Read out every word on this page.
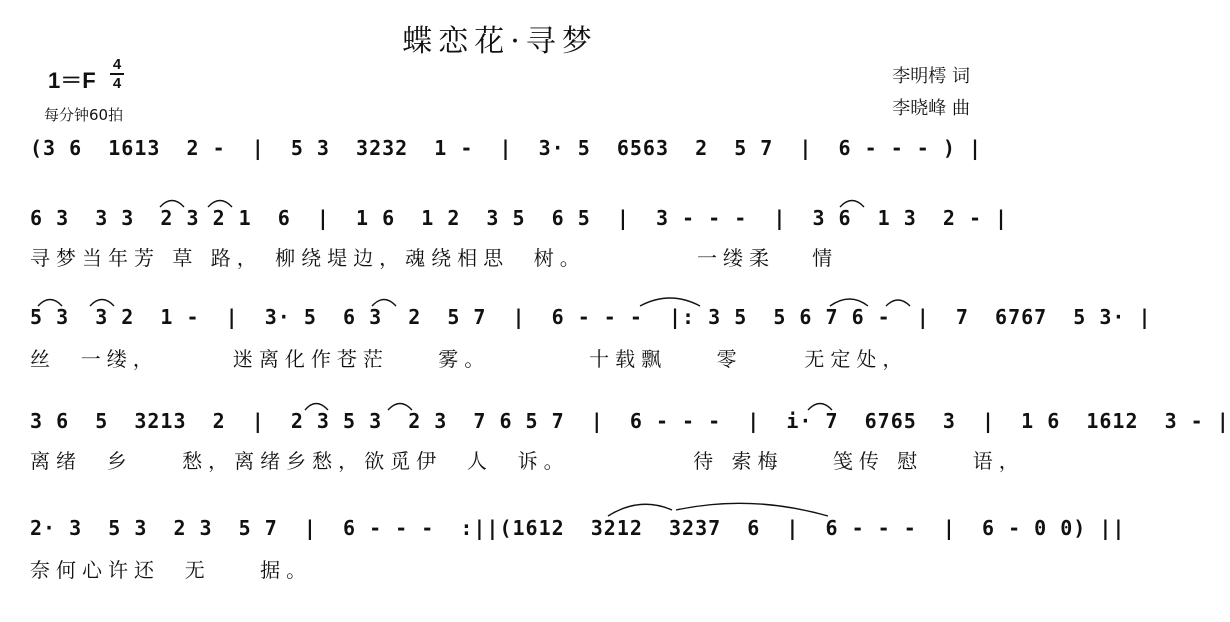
蝶恋花·寻梦
李明樗 词
李晓峰 曲
1＝F
4
4
每分钟60拍
(3 6  1613  2 -  |  5 3  3232  1 -  |  3· 5  6563  2  5 7  |  6 - - - ) |
6 3  3 3  2 3 2 1  6  |  1 6  1 2  3 5  6 5  |  3 - - -  |  3 6  1 3  2 - |
寻梦当年芳 草 路， 柳绕堤边，魂绕相思  树。         一缕柔   情
5 3  3 2  1 -  |  3· 5  6 3  2  5 7  |  6 - - -  |: 3 5  5 6 7 6 -  |  7  6767  5 3· |
丝  一缕，      迷离化作苍茫    雾。        十载飘    零     无定处，
3 6  5  3213  2  |  2 3 5 3  2 3  7 6 5 7  |  6 - - -  |  i· 7  6765  3  |  1 6  1612  3 - |
离绪  乡    愁，离绪乡愁，欲觅伊  人  诉。          待 索梅    笺传 慰    语，
2· 3  5 3  2 3  5 7  |  6 - - -  :||(1612  3212  3237  6  |  6 - - -  |  6 - 0 0) ||
奈何心许还  无    据。
